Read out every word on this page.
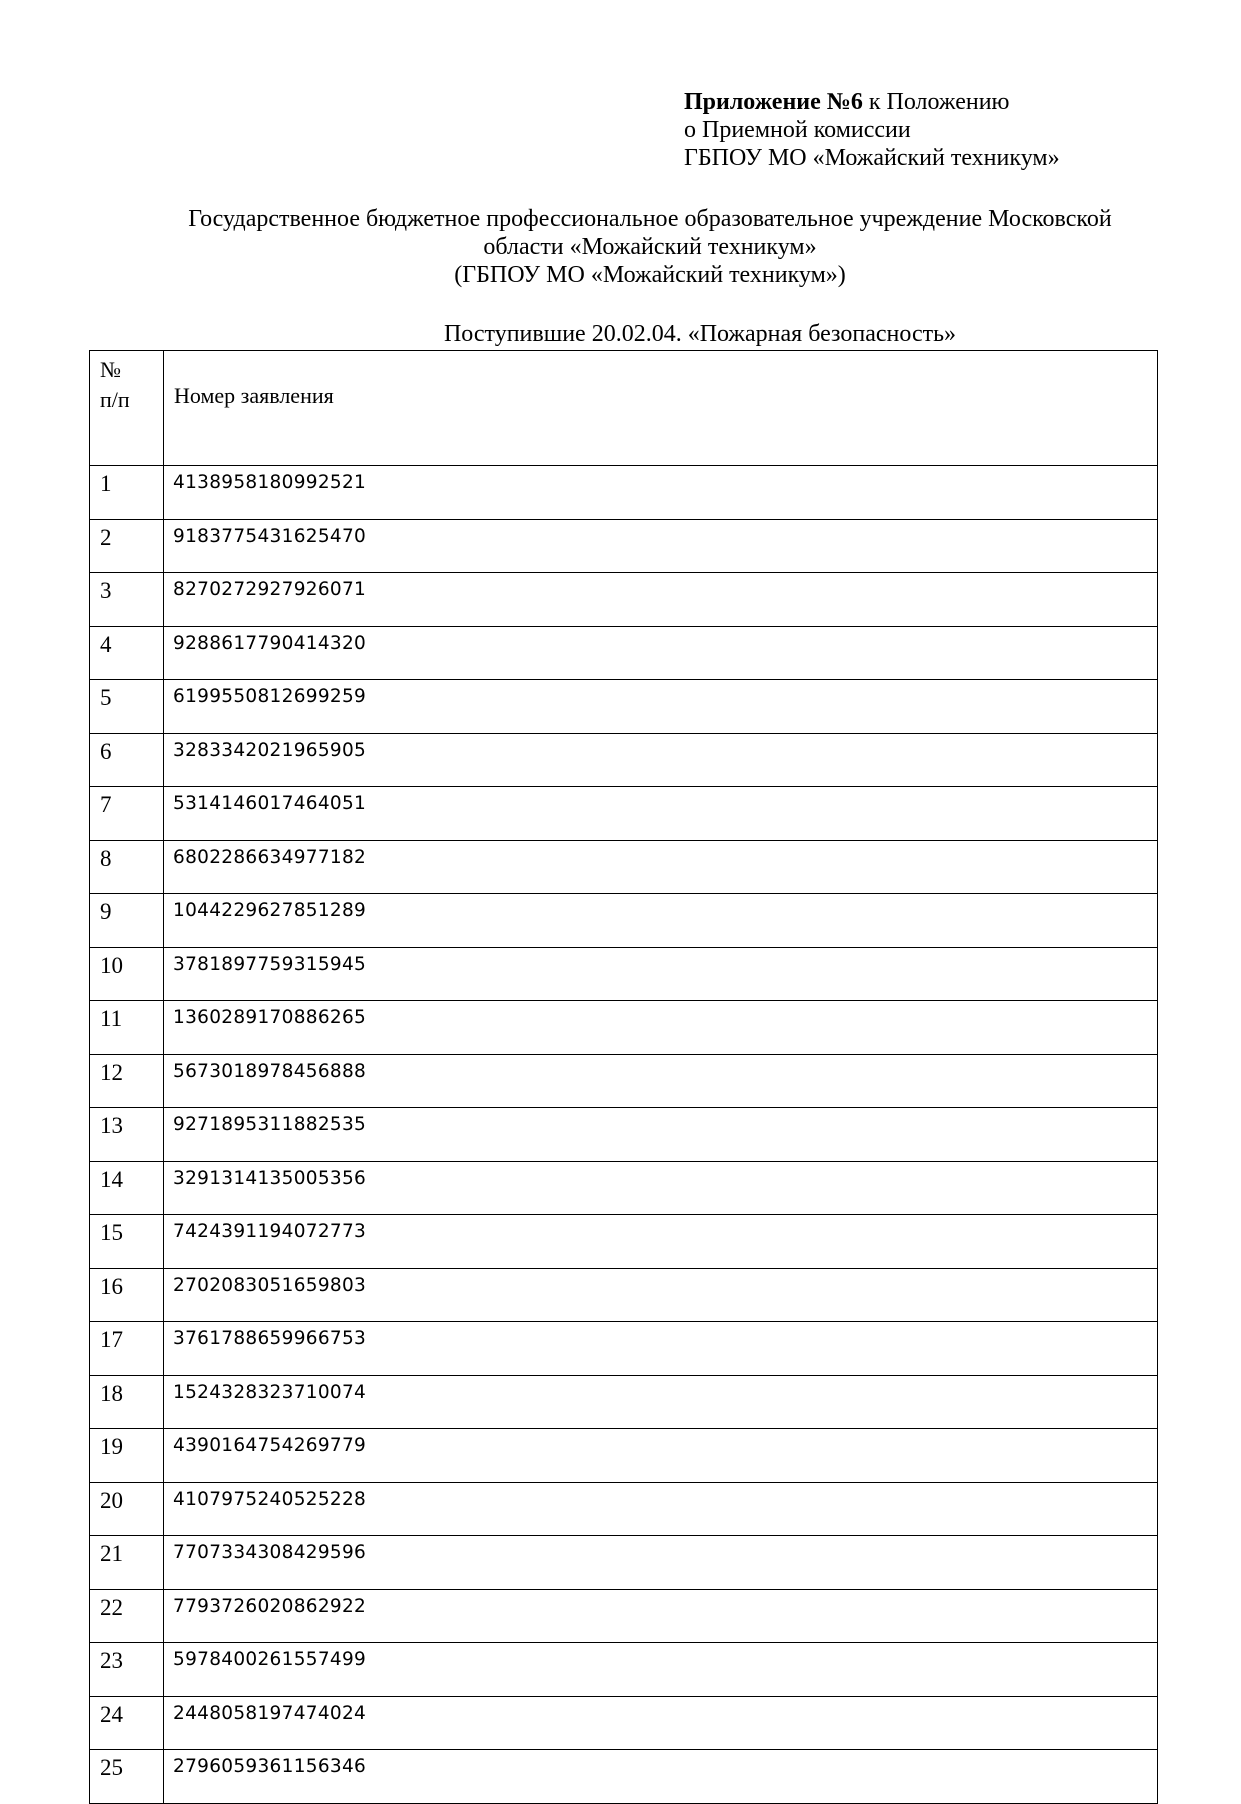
Приложение №6 к Положению
о Приемной комиссии
ГБПОУ МО «Можайский техникум»
Государственное бюджетное профессиональное образовательное учреждение Московской
области «Можайский техникум»
(ГБПОУ МО «Можайский техникум»)
Поступившие 20.02.04. «Пожарная безопасность»
№
п/п	Номер заявления
1	4138958180992521
2	9183775431625470
3	8270272927926071
4	9288617790414320
5	6199550812699259
6	3283342021965905
7	5314146017464051
8	6802286634977182
9	1044229627851289
10	3781897759315945
11	1360289170886265
12	5673018978456888
13	9271895311882535
14	3291314135005356
15	7424391194072773
16	2702083051659803
17	3761788659966753
18	1524328323710074
19	4390164754269779
20	4107975240525228
21	7707334308429596
22	7793726020862922
23	5978400261557499
24	2448058197474024
25	2796059361156346
